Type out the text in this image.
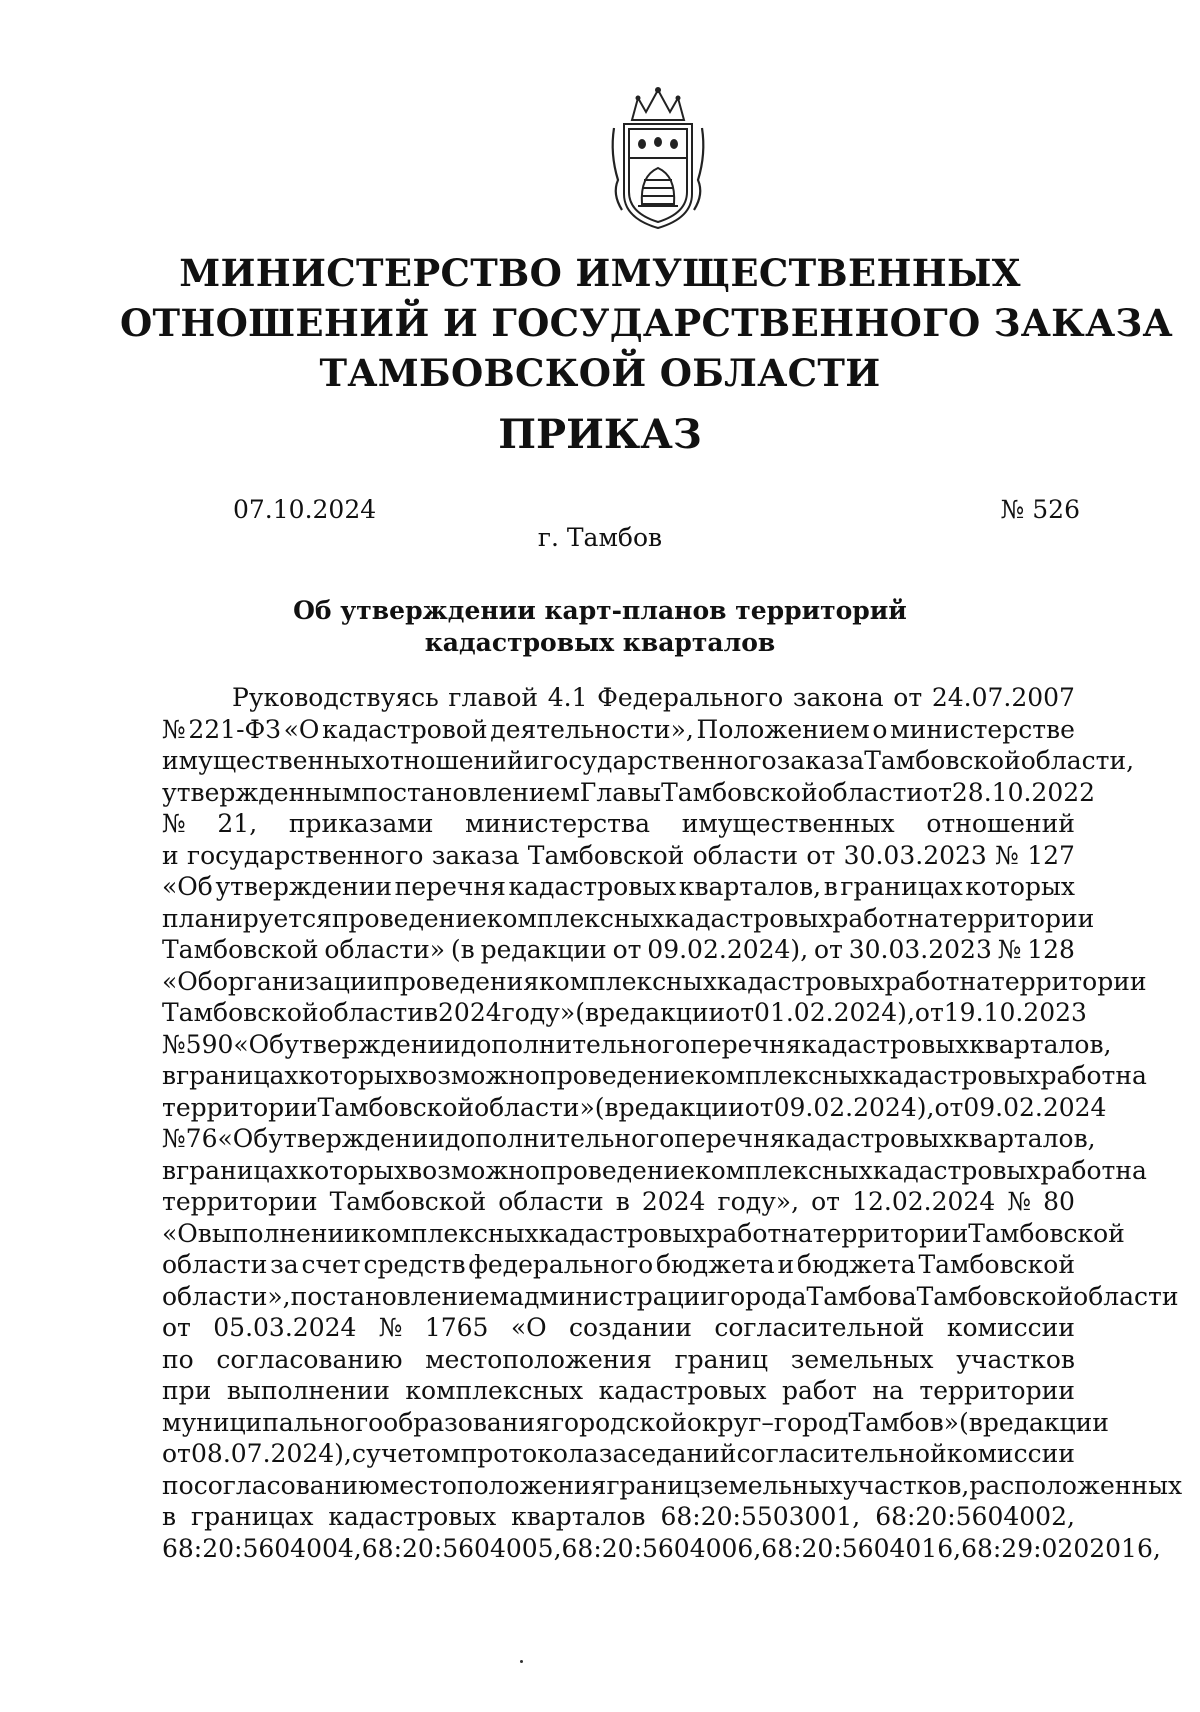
МИНИСТЕРСТВО ИМУЩЕСТВЕННЫХ
ОТНОШЕНИЙ И ГОСУДАРСТВЕННОГО ЗАКАЗА
ТАМБОВСКОЙ ОБЛАСТИ
ПРИКАЗ
07.10.2024	№ 526
г. Тамбов
Об утверждении карт-планов территорий
кадастровых кварталов
Руководствуясь главой 4.1 Федерального закона от 24.07.2007
№ 221-ФЗ «О кадастровой деятельности», Положением о министерстве
имущественных отношений и государственного заказа Тамбовской области,
утвержденным постановлением Главы Тамбовской области от 28.10.2022
№ 21, приказами министерства имущественных отношений
и государственного заказа Тамбовской области от 30.03.2023 № 127
«Об утверждении перечня кадастровых кварталов, в границах которых
планируется проведение комплексных кадастровых работ на территории
Тамбовской области» (в редакции от 09.02.2024), от 30.03.2023 № 128
«Об организации проведения комплексных кадастровых работ на территории
Тамбовской области в 2024 году» (в редакции от 01.02.2024), от 19.10.2023
№ 590 «Об утверждении дополнительного перечня кадастровых кварталов,
в границах которых возможно проведение комплексных кадастровых работ на
территории Тамбовской области» (в редакции от 09.02.2024), от 09.02.2024
№ 76 «Об утверждении дополнительного перечня кадастровых кварталов,
в границах которых возможно проведение комплексных кадастровых работ на
территории Тамбовской области в 2024 году», от 12.02.2024 № 80
«О выполнении комплексных кадастровых работ на территории Тамбовской
области за счет средств федерального бюджета и бюджета Тамбовской
области», постановлением администрации города Тамбова Тамбовской области
от 05.03.2024 № 1765 «О создании согласительной комиссии
по согласованию местоположения границ земельных участков
при выполнении комплексных кадастровых работ на территории
муниципального образования городской округ – город Тамбов» (в редакции
от 08.07.2024), с учетом протокола заседаний согласительной комиссии
по согласованию местоположения границ земельных участков, расположенных
в границах кадастровых кварталов 68:20:5503001, 68:20:5604002,
68:20:5604004, 68:20:5604005, 68:20:5604006, 68:20:5604016, 68:29:0202016,
